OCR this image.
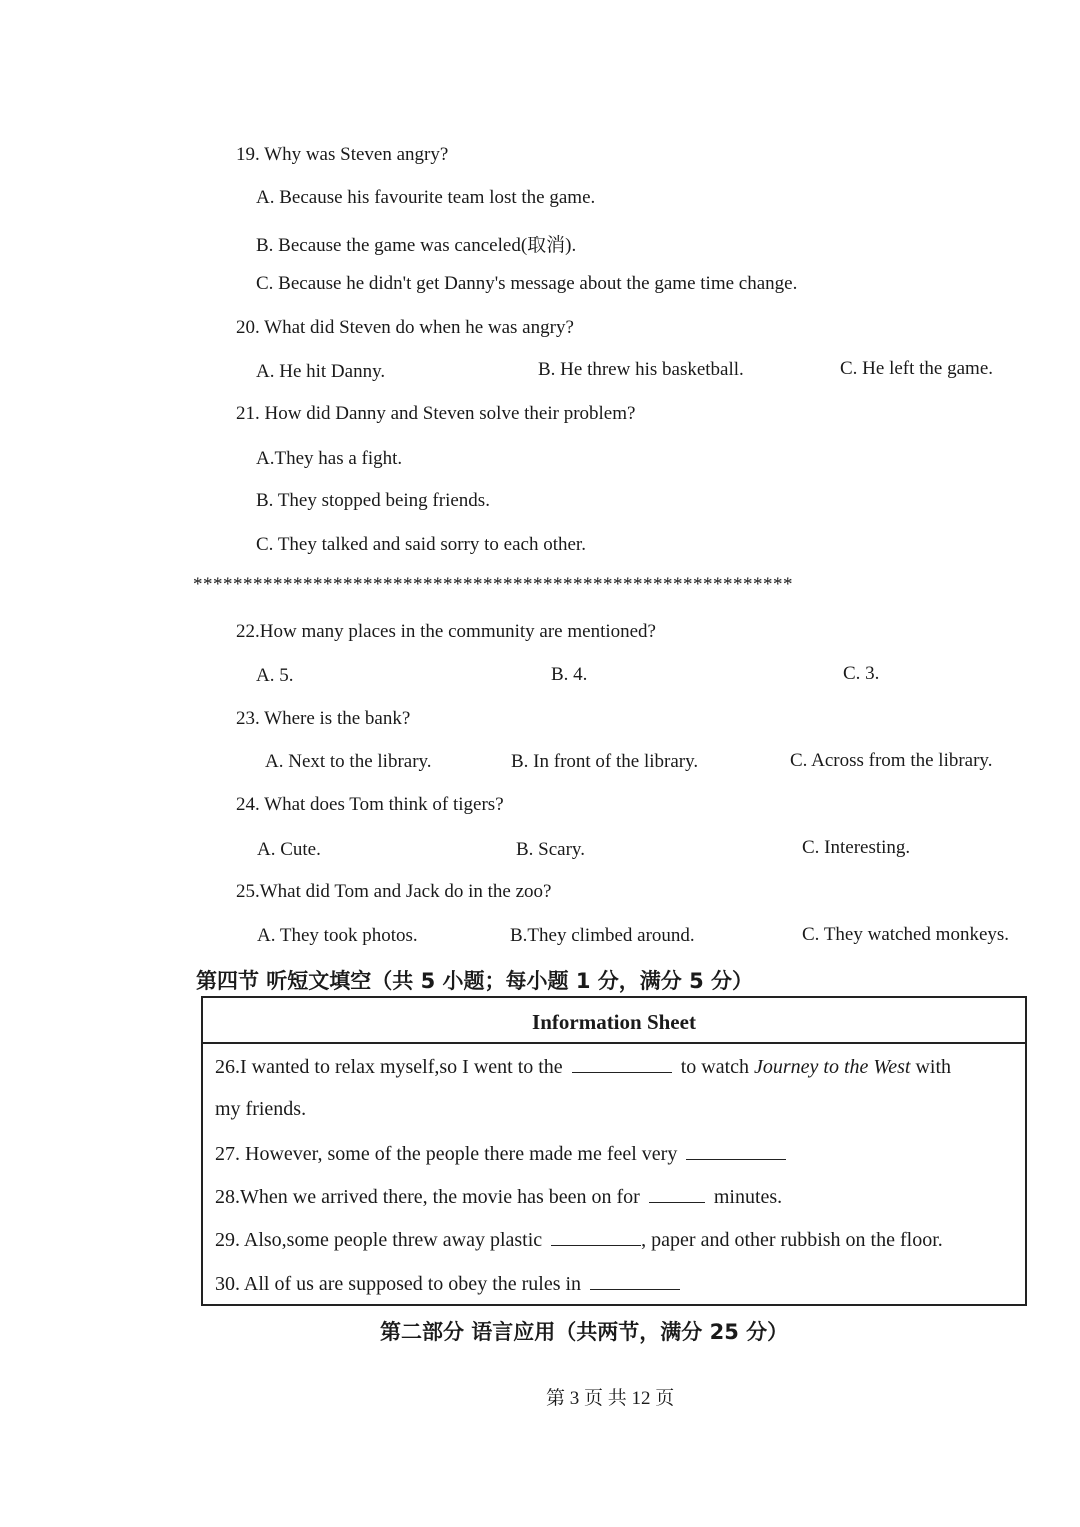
19. Why was Steven angry?
A. Because his favourite team lost the game.
B. Because the game was canceled(取消).
C. Because he didn't get Danny's message about the game time change.
20. What did Steven do when he was angry?
A. He hit Danny.	B. He threw his basketball.	C. He left the game.
21. How did Danny and Steven solve their problem?
A.They has a fight.
B. They stopped being friends.
C. They talked and said sorry to each other.
************************************************************
22.How many places in the community are mentioned?
A. 5.	B. 4.	C. 3.
23. Where is the bank?
A. Next to the library.	B. In front of the library.	C. Across from the library.
24. What does Tom think of tigers?
A. Cute.	B. Scary.	C. Interesting.
25.What did Tom and Jack do in the zoo?
A. They took photos.	B.They climbed around.	C. They watched monkeys.
第四节 听短文填空（共 5 小题；每小题 1 分，满分 5 分）
Information Sheet
26.I wanted to relax myself,so I went to the	to watch Journey to the West with
my friends.
27. However, some of the people there made me feel very
28.When we arrived there, the movie has been on for	minutes.
29. Also,some people threw away plastic	, paper and other rubbish on the floor.
30. All of us are supposed to obey the rules in
第二部分 语言应用（共两节，满分 25 分）
第 3 页 共 12 页
